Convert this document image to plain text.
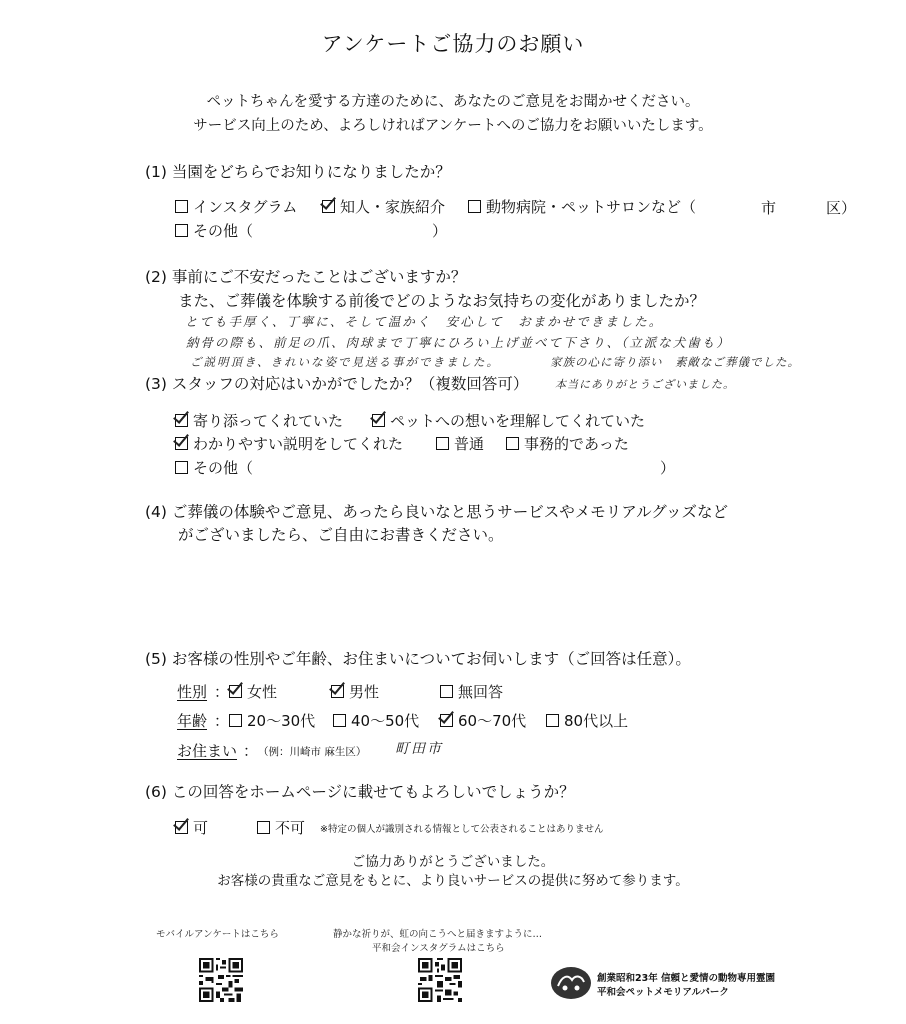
アンケートご協力のお願い
ペットちゃんを愛する方達のために、あなたのご意見をお聞かせください。
サービス向上のため、よろしければアンケートへのご協力をお願いいたします。
(1) 当園をどちらでお知りになりましたか？
インスタグラム	知人・家族紹介	動物病院・ペットサロンなど（	市	区）
その他（	）
(2) 事前にご不安だったことはございますか？
また、ご葬儀を体験する前後でどのようなお気持ちの変化がありましたか？
とても手厚く、丁寧に、そして温かく　安心して　おまかせできました。
納骨の際も、前足の爪、肉球まで丁寧にひろい上げ並べて下さり、（立派な犬歯も）
ご説明頂き、きれいな姿で見送る事ができました。	家族の心に寄り添い　素敵なご葬儀でした。
本当にありがとうございました。
(3) スタッフの対応はいかがでしたか？（複数回答可）
寄り添ってくれていた	ペットへの想いを理解してくれていた
わかりやすい説明をしてくれた	普通	事務的であった
その他（	）
(4) ご葬儀の体験やご意見、あったら良いなと思うサービスやメモリアルグッズなど
がございましたら、ご自由にお書きください。
(5) お客様の性別やご年齢、お住まいについてお伺いします（ご回答は任意）。
性別 ： 女性	男性	無回答
年齢 ： 20〜30代 40〜50代	60〜70代	80代以上
お住まい ： （例：川崎市 麻生区） 町田市
(6) この回答をホームページに載せてもよろしいでしょうか？
可	不可 ※特定の個人が識別される情報として公表されることはありません
ご協力ありがとうございました。
お客様の貴重なご意見をもとに、より良いサービスの提供に努めて参ります。
モバイルアンケートはこちら	静かな祈りが、虹の向こうへと届きますように…
平和会インスタグラムはこちら
創業昭和23年 信頼と愛情の動物専用霊園
平和会ペットメモリアルパーク
